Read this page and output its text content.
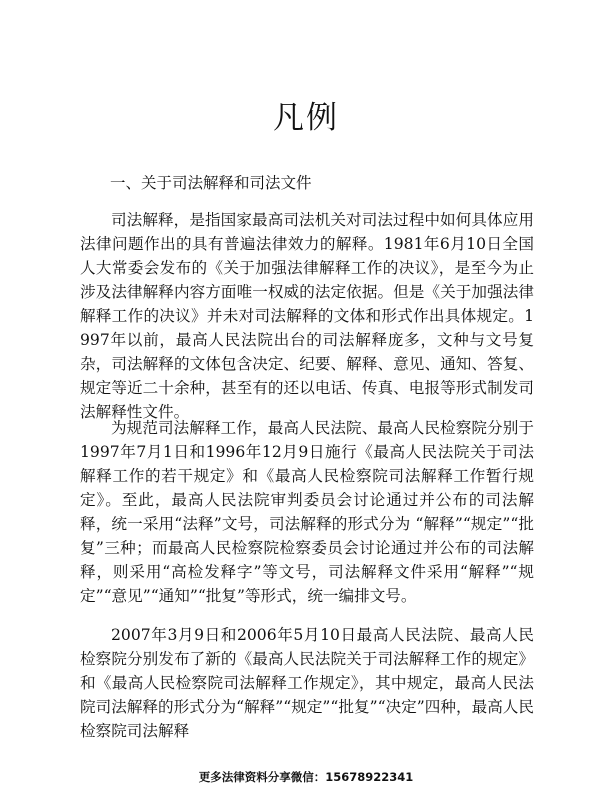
凡例
一、关于司法解释和司法文件

司法解释，是指国家最高司法机关对司法过程中如何具体应用法律问题作出的具有普遍法律效力的解释。1981年6月10日全国人大常委会发布的《关于加强法律解释工作的决议》，是至今为止涉及法律解释内容方面唯一权威的法定依据。但是《关于加强法律解释工作的决议》并未对司法解释的文体和形式作出具体规定。1997年以前，最高人民法院出台的司法解释庞多，文种与文号复杂，司法解释的文体包含决定、纪要、解释、意见、通知、答复、规定等近二十余种，甚至有的还以电话、传真、电报等形式制发司法解释性文件。

为规范司法解释工作，最高人民法院、最高人民检察院分别于1997年7月1日和1996年12月9日施行《最高人民法院关于司法解释工作的若干规定》和《最高人民检察院司法解释工作暂行规定》。至此，最高人民法院审判委员会讨论通过并公布的司法解释，统一采用“法释”文号，司法解释的形式分为 “解释”“规定”“批复”三种；而最高人民检察院检察委员会讨论通过并公布的司法解释，则采用“高检发释字”等文号，司法解释文件采用“解释”“规定”“意见”“通知”“批复”等形式，统一编排文号。

2007年3月9日和2006年5月10日最高人民法院、最高人民检察院分别发布了新的《最高人民法院关于司法解释工作的规定》和《最高人民检察院司法解释工作规定》，其中规定，最高人民法院司法解释的形式分为“解释”“规定”“批复”“决定”四种，最高人民检察院司法解释

更多法律资料分享微信：15678922341
